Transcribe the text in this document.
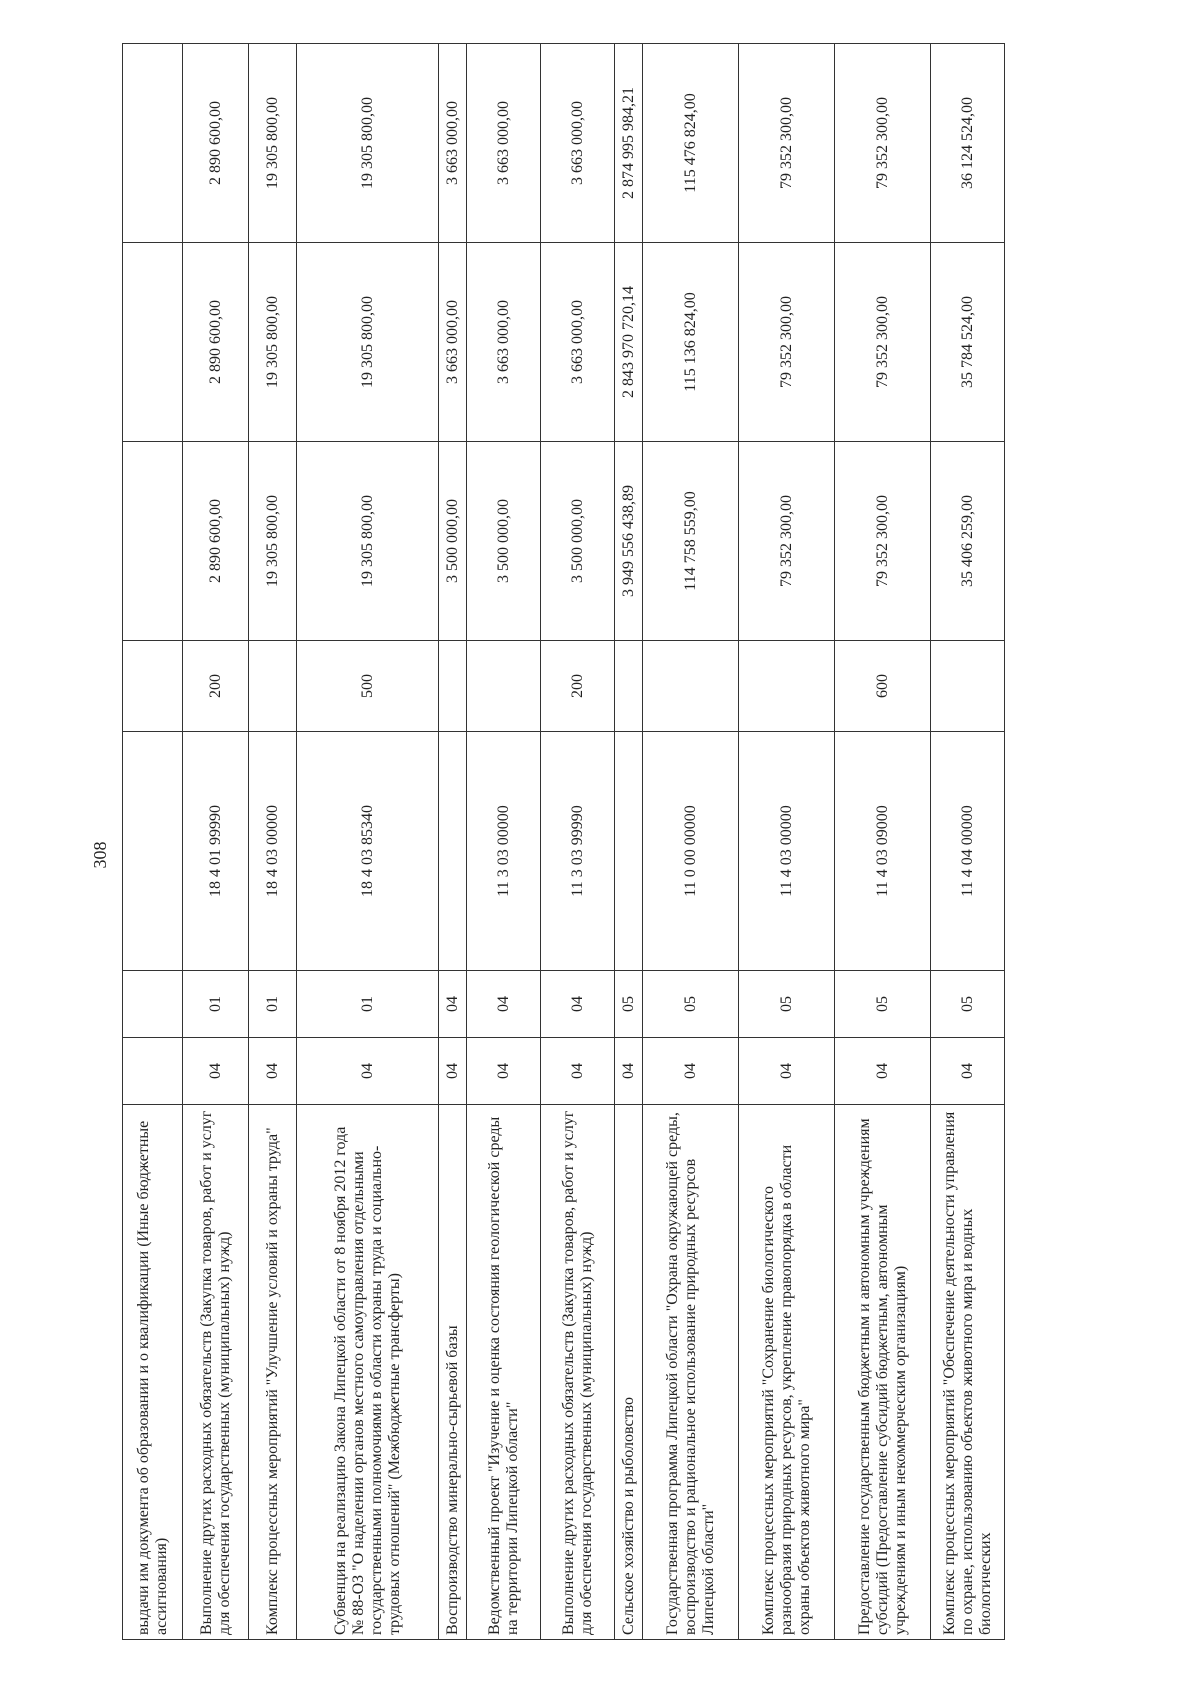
308
выдачи им документа об образовании и о квалификации (Иные бюджетные ассигнования)							
Выполнение других расходных обязательств (Закупка товаров, работ и услуг для обеспечения государственных (муниципальных) нужд)	04	01	18 4 01 99990	200	2 890 600,00	2 890 600,00	2 890 600,00
Комплекс процессных мероприятий "Улучшение условий и охраны труда"	04	01	18 4 03 00000		19 305 800,00	19 305 800,00	19 305 800,00
Субвенция на реализацию Закона Липецкой области от 8 ноября 2012 года № 88-ОЗ "О наделении органов местного самоуправления отдельными государственными полномочиями в области охраны труда и социально-трудовых отношений" (Межбюджетные трансферты)	04	01	18 4 03 85340	500	19 305 800,00	19 305 800,00	19 305 800,00
Воспроизводство минерально-сырьевой базы	04	04			3 500 000,00	3 663 000,00	3 663 000,00
Ведомственный проект "Изучение и оценка состояния геологической среды на территории Липецкой области"	04	04	11 3 03 00000		3 500 000,00	3 663 000,00	3 663 000,00
Выполнение других расходных обязательств (Закупка товаров, работ и услуг для обеспечения государственных (муниципальных) нужд)	04	04	11 3 03 99990	200	3 500 000,00	3 663 000,00	3 663 000,00
Сельское хозяйство и рыболовство	04	05			3 949 556 438,89	2 843 970 720,14	2 874 995 984,21
Государственная программа Липецкой области "Охрана окружающей среды, воспроизводство и рациональное использование природных ресурсов Липецкой области"	04	05	11 0 00 00000		114 758 559,00	115 136 824,00	115 476 824,00
Комплекс процессных мероприятий "Сохранение биологического разнообразия природных ресурсов, укрепление правопорядка в области охраны объектов животного мира"	04	05	11 4 03 00000		79 352 300,00	79 352 300,00	79 352 300,00
Предоставление государственным бюджетным и автономным учреждениям субсидий (Предоставление субсидий бюджетным, автономным учреждениям и иным некоммерческим организациям)	04	05	11 4 03 09000	600	79 352 300,00	79 352 300,00	79 352 300,00
Комплекс процессных мероприятий "Обеспечение деятельности управления по охране, использованию объектов животного мира и водных биологических	04	05	11 4 04 00000		35 406 259,00	35 784 524,00	36 124 524,00
